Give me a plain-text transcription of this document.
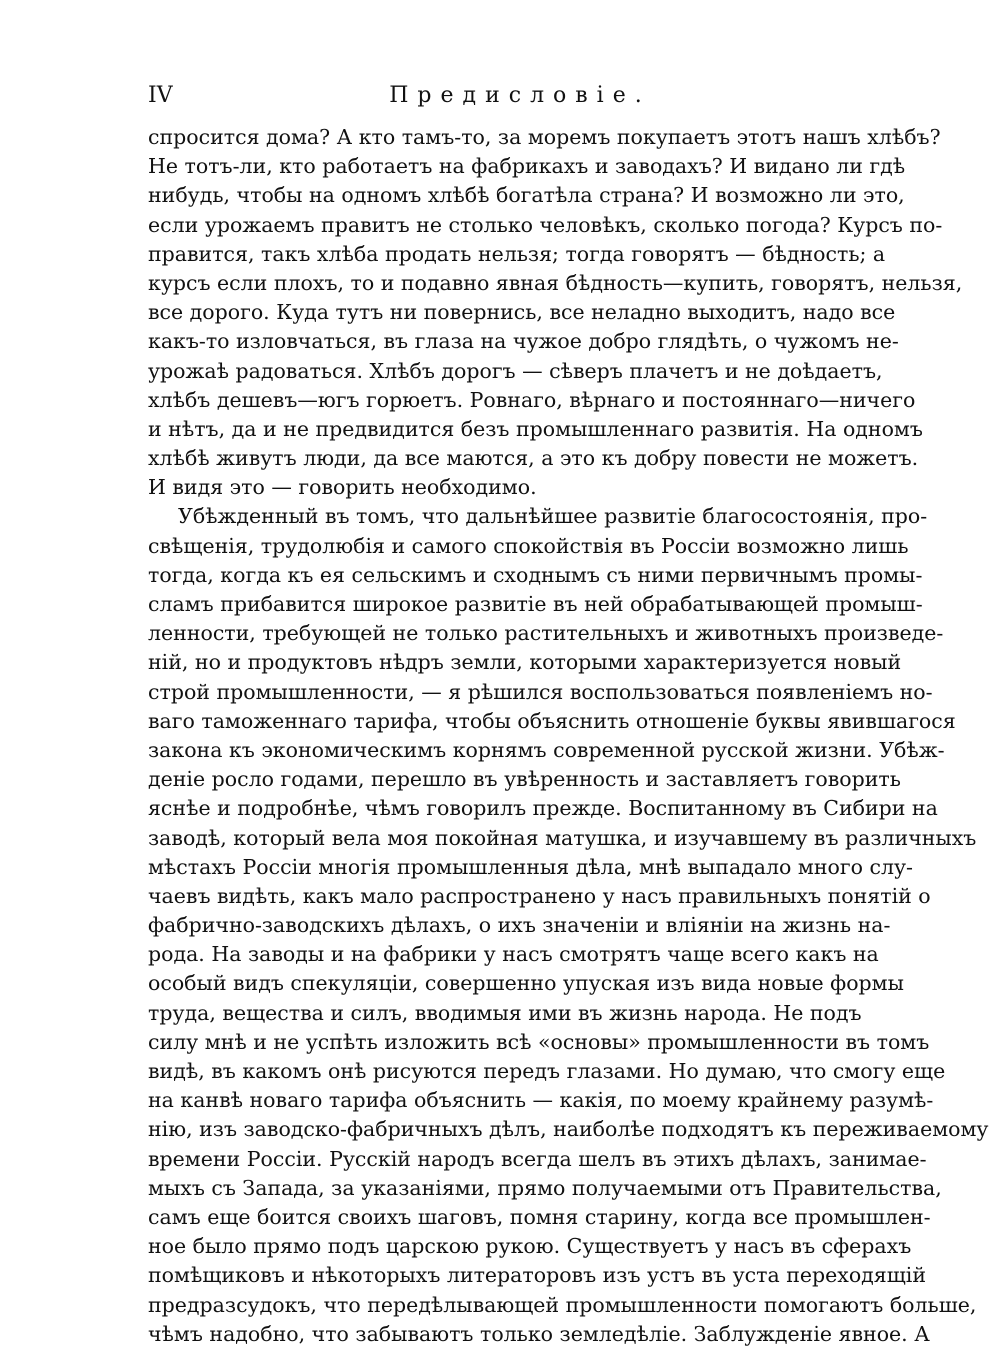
IV	Предисловіе.
спросится дома? А кто тамъ-то, за моремъ покупаетъ этотъ нашъ хлѣбъ?
Не тотъ-ли, кто работаетъ на фабрикахъ и заводахъ? И видано ли гдѣ
нибудь, чтобы на одномъ хлѣбѣ богатѣла страна? И возможно ли это,
если урожаемъ правитъ не столько человѣкъ, сколько погода? Курсъ по-
правится, такъ хлѣба продать нельзя; тогда говорятъ — бѣдность; а
курсъ если плохъ, то и подавно явная бѣдность—купить, говорятъ, нельзя,
все дорого. Куда тутъ ни повернись, все неладно выходитъ, надо все
какъ-то изловчаться, въ глаза на чужое добро глядѣть, о чужомъ не-
урожаѣ радоваться. Хлѣбъ дорогъ — сѣверъ плачетъ и не доѣдаетъ,
хлѣбъ дешевъ—югъ горюетъ. Ровнаго, вѣрнаго и постояннаго—ничего
и нѣтъ, да и не предвидится безъ промышленнаго развитія. На одномъ
хлѣбѣ живутъ люди, да все маются, а это къ добру повести не можетъ.
И видя это — говорить необходимо.
Убѣжденный въ томъ, что дальнѣйшее развитіе благосостоянія, про-
свѣщенія, трудолюбія и самого спокойствія въ Россіи возможно лишь
тогда, когда къ ея сельскимъ и сходнымъ съ ними первичнымъ промы-
сламъ прибавится широкое развитіе въ ней обрабатывающей промыш-
ленности, требующей не только растительныхъ и животныхъ произведе-
ній, но и продуктовъ нѣдръ земли, которыми характеризуется новый
строй промышленности, — я рѣшился воспользоваться появленіемъ но-
ваго таможеннаго тарифа, чтобы объяснить отношеніе буквы явившагося
закона къ экономическимъ корнямъ современной русской жизни. Убѣж-
деніе росло годами, перешло въ увѣренность и заставляетъ говорить
яснѣе и подробнѣе, чѣмъ говорилъ прежде. Воспитанному въ Сибири на
заводѣ, который вела моя покойная матушка, и изучавшему въ различныхъ
мѣстахъ Россіи многія промышленныя дѣла, мнѣ выпадало много слу-
чаевъ видѣть, какъ мало распространено у насъ правильныхъ понятій о
фабрично-заводскихъ дѣлахъ, о ихъ значеніи и вліяніи на жизнь на-
рода. На заводы и на фабрики у насъ смотрятъ чаще всего какъ на
особый видъ спекуляціи, совершенно упуская изъ вида новые формы
труда, вещества и силъ, вводимыя ими въ жизнь народа. Не подъ
силу мнѣ и не успѣть изложить всѣ «основы» промышленности въ томъ
видѣ, въ какомъ онѣ рисуются передъ глазами. Но думаю, что смогу еще
на канвѣ новаго тарифа объяснить — какія, по моему крайнему разумѣ-
нію, изъ заводско-фабричныхъ дѣлъ, наиболѣе подходятъ къ переживаемому
времени Россіи. Русскій народъ всегда шелъ въ этихъ дѣлахъ, занимае-
мыхъ съ Запада, за указаніями, прямо получаемыми отъ Правительства,
самъ еще боится своихъ шаговъ, помня старину, когда все промышлен-
ное было прямо подъ царскою рукою. Существуетъ у насъ въ сферахъ
помѣщиковъ и нѣкоторыхъ литераторовъ изъ устъ въ уста переходящій
предразсудокъ, что передѣлывающей промышленности помогаютъ больше,
чѣмъ надобно, что забываютъ только земледѣліе. Заблужденіе явное. А
